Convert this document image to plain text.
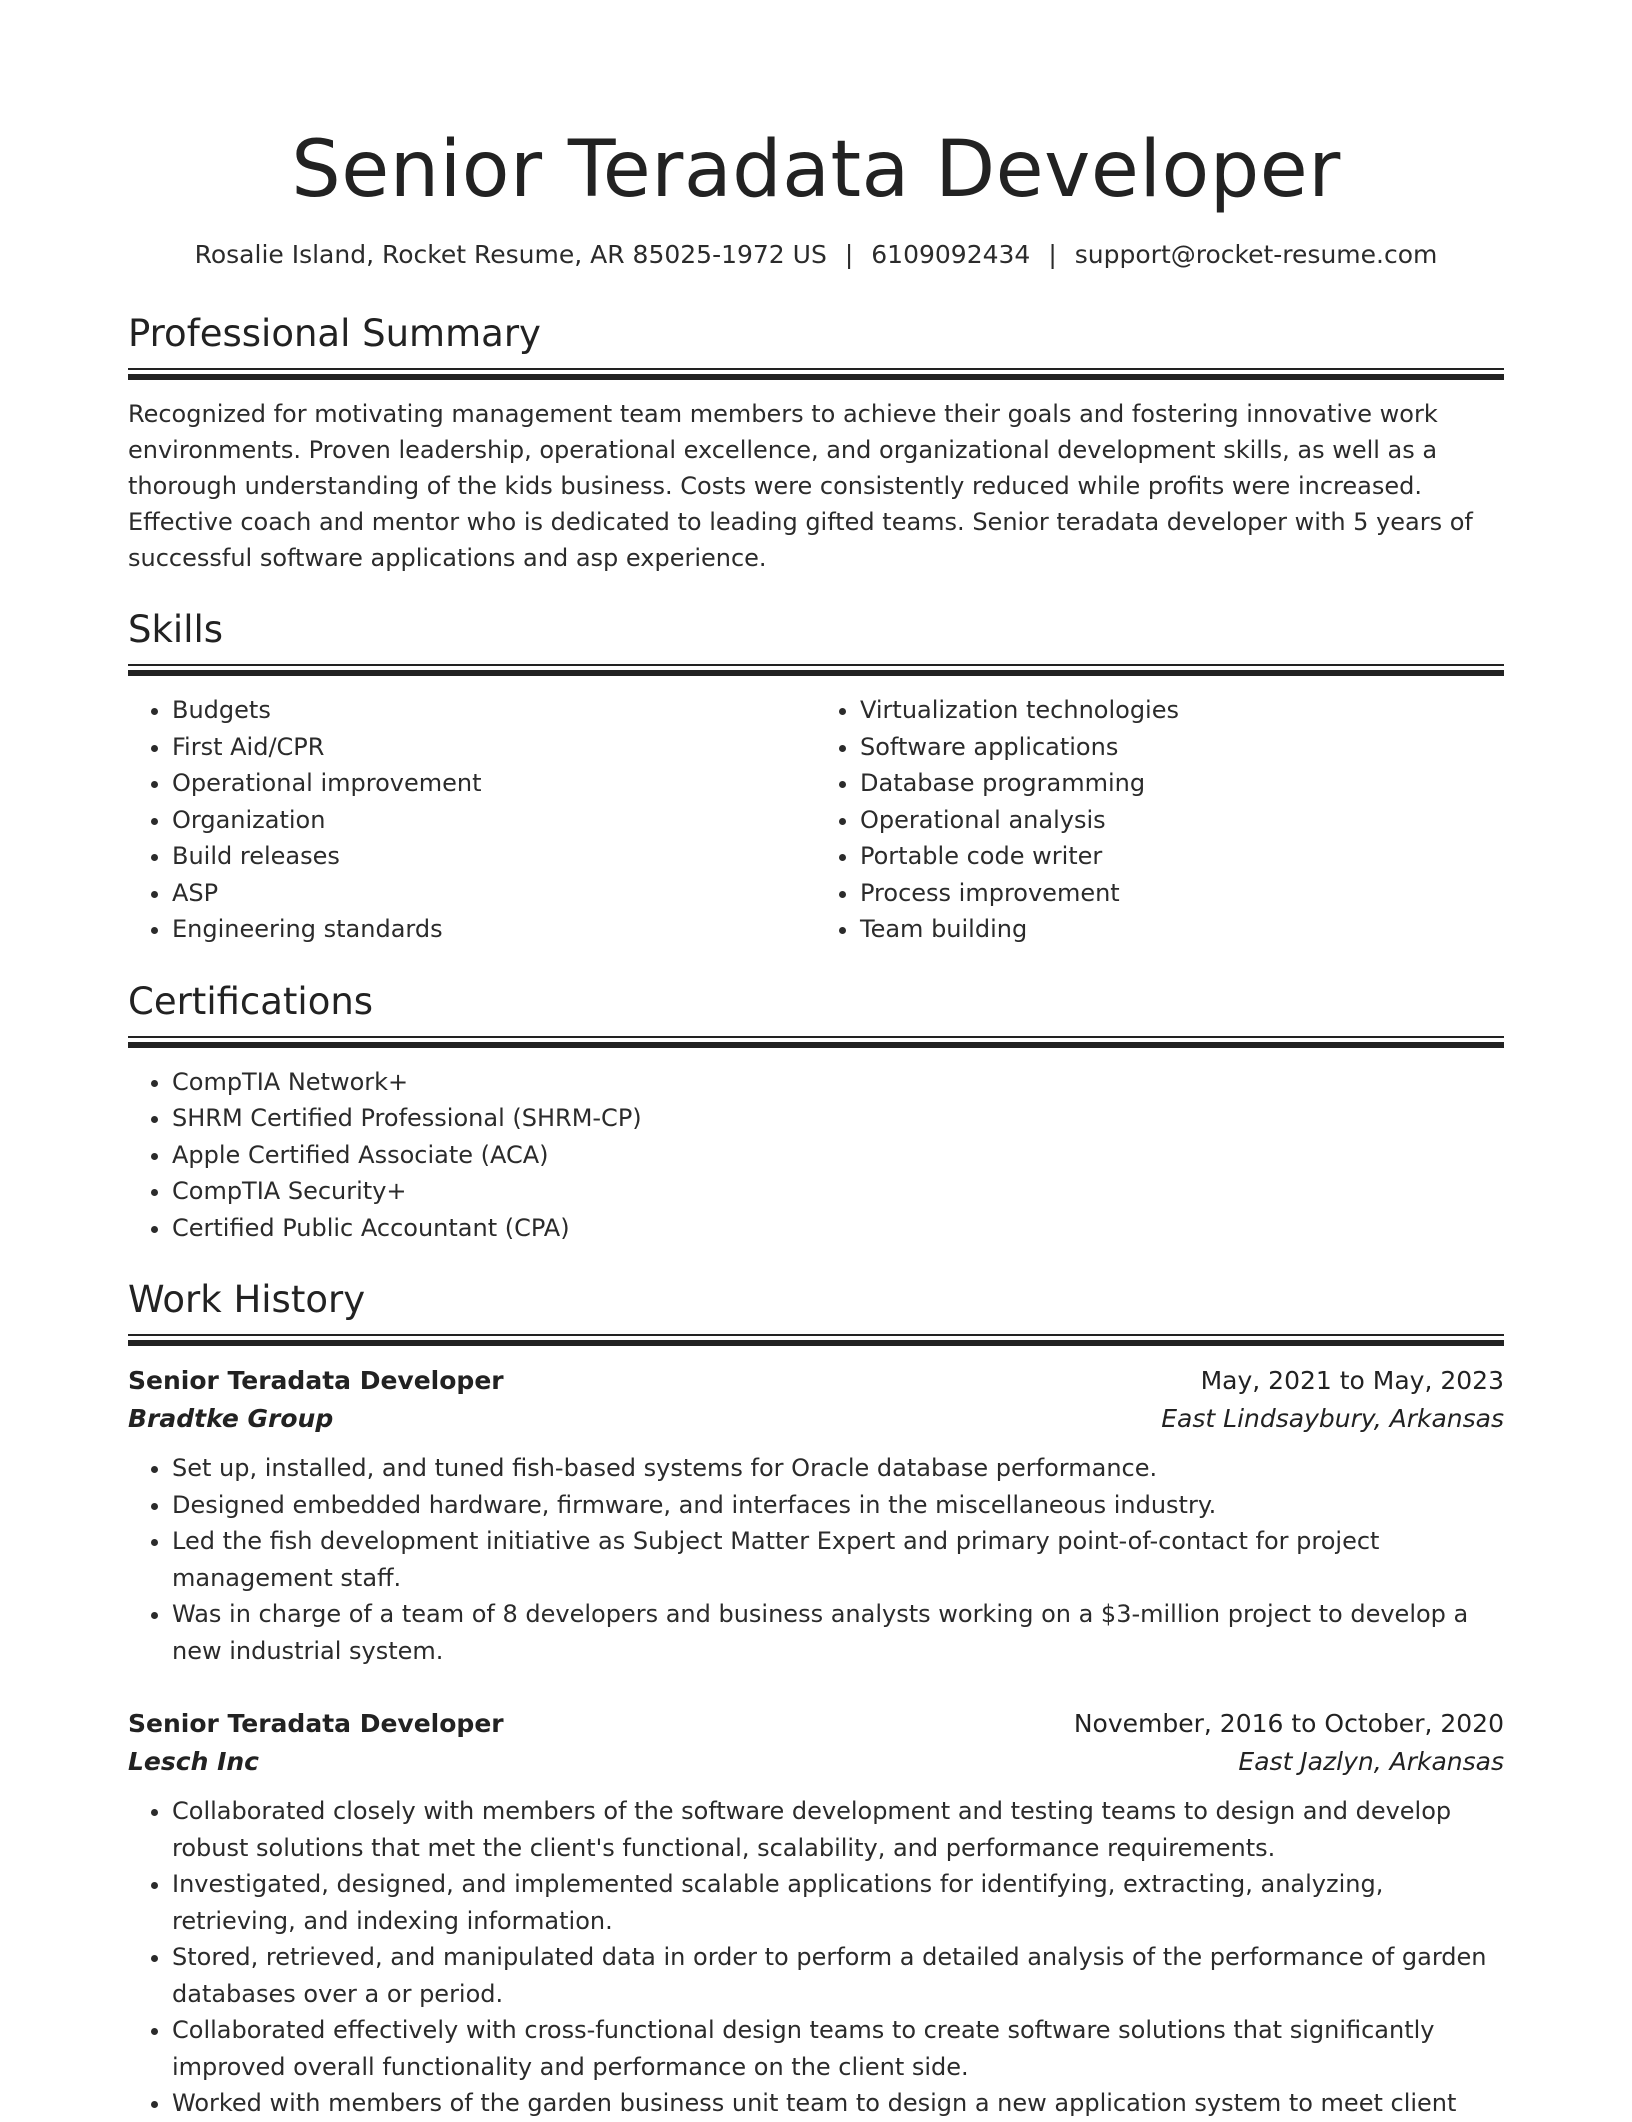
Senior Teradata Developer
Rosalie Island, Rocket Resume, AR 85025-1972 US | 6109092434 | support@rocket-resume.com
Professional Summary

Recognized for motivating management team members to achieve their goals and fostering innovative work environments. Proven leadership, operational excellence, and organizational development skills, as well as a thorough understanding of the kids business. Costs were consistently reduced while profits were increased. Effective coach and mentor who is dedicated to leading gifted teams. Senior teradata developer with 5 years of successful software applications and asp experience.

Skills
• Budgets
• First Aid/CPR
• Operational improvement
• Organization
• Build releases
• ASP
• Engineering standards
• Virtualization technologies
• Software applications
• Database programming
• Operational analysis
• Portable code writer
• Process improvement
• Team building
Certifications
• CompTIA Network+
• SHRM Certified Professional (SHRM-CP)
• Apple Certified Associate (ACA)
• CompTIA Security+
• Certified Public Accountant (CPA)
Work History
Senior Teradata Developer	May, 2021 to May, 2023
Bradtke Group	East Lindsaybury, Arkansas
• Set up, installed, and tuned fish-based systems for Oracle database performance.
• Designed embedded hardware, firmware, and interfaces in the miscellaneous industry.
• Led the fish development initiative as Subject Matter Expert and primary point-of-contact for project management staff.
• Was in charge of a team of 8 developers and business analysts working on a $3-million project to develop a new industrial system.
Senior Teradata Developer	November, 2016 to October, 2020
Lesch Inc	East Jazlyn, Arkansas
• Collaborated closely with members of the software development and testing teams to design and develop robust solutions that met the client's functional, scalability, and performance requirements.
• Investigated, designed, and implemented scalable applications for identifying, extracting, analyzing, retrieving, and indexing information.
• Stored, retrieved, and manipulated data in order to perform a detailed analysis of the performance of garden databases over a or period.
• Collaborated effectively with cross-functional design teams to create software solutions that significantly improved overall functionality and performance on the client side.
• Worked with members of the garden business unit team to design a new application system to meet client
